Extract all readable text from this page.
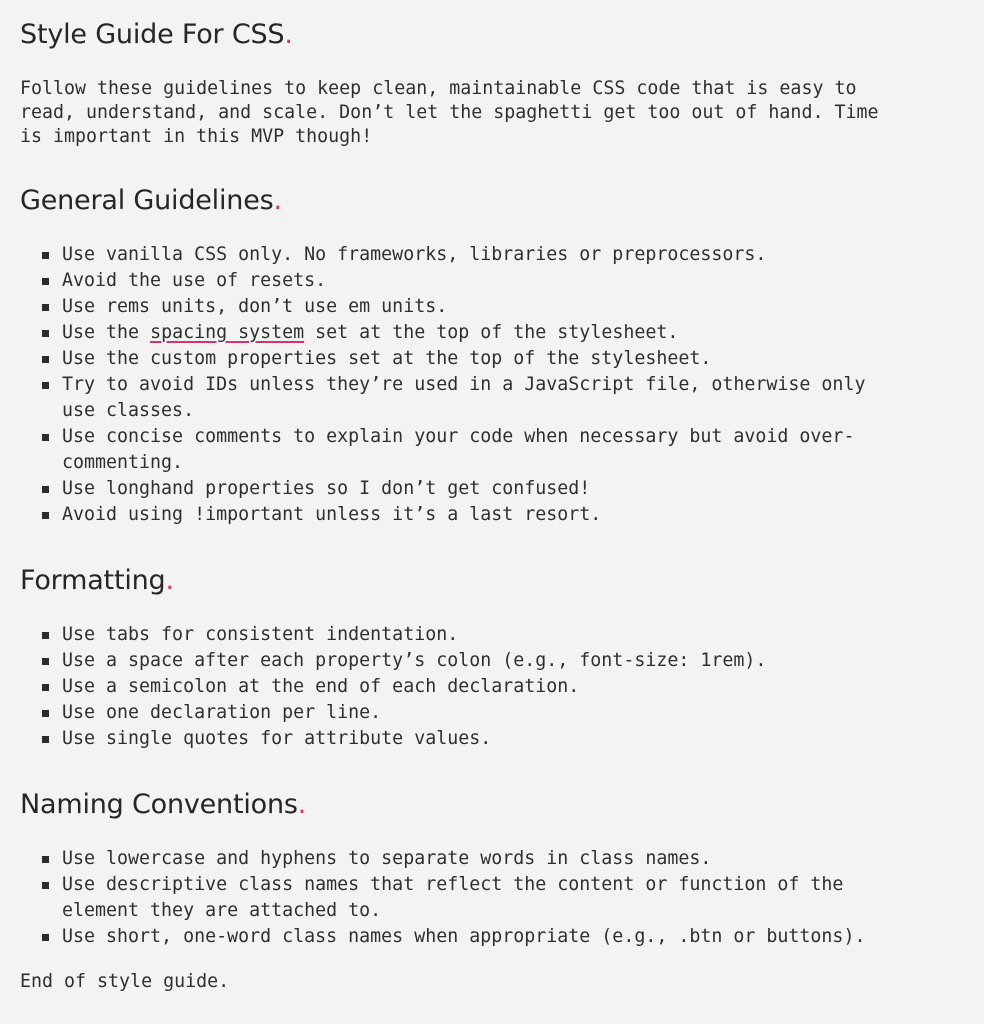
Style Guide For CSS.

Follow these guidelines to keep clean, maintainable CSS code that is easy to
read, understand, and scale. Don’t let the spaghetti get too out of hand. Time
is important in this MVP though!

General Guidelines.
Use vanilla CSS only. No frameworks, libraries or preprocessors.
Avoid the use of resets.
Use rems units, don’t use em units.
Use the spacing system set at the top of the stylesheet.
Use the custom properties set at the top of the stylesheet.
Try to avoid IDs unless they’re used in a JavaScript file, otherwise only
use classes.
Use concise comments to explain your code when necessary but avoid over-
commenting.
Use longhand properties so I don’t get confused!
Avoid using !important unless it’s a last resort.
Formatting.
Use tabs for consistent indentation.
Use a space after each property’s colon (e.g., font-size: 1rem).
Use a semicolon at the end of each declaration.
Use one declaration per line.
Use single quotes for attribute values.
Naming Conventions.
Use lowercase and hyphens to separate words in class names.
Use descriptive class names that reflect the content or function of the
element they are attached to.
Use short, one-word class names when appropriate (e.g., .btn or buttons).

End of style guide.
